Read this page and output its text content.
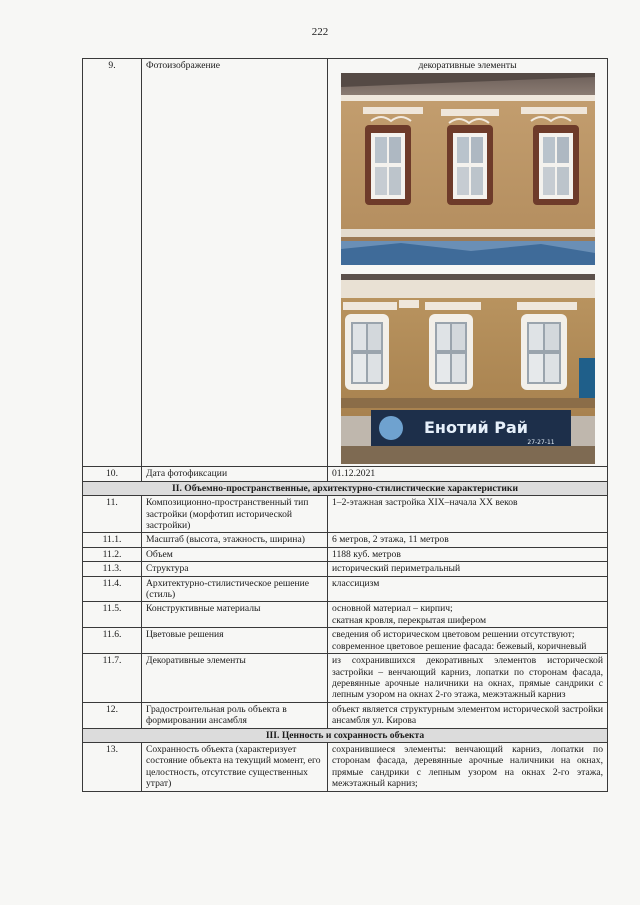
222
9.	Фотоизображение	декоративные элементы
Енотий Рай
27-27-11

10.	Дата фотофиксации	01.12.2021
II. Объемно-пространственные, архитектурно-стилистические характеристики		
11.	Композиционно-пространственный тип застройки (морфотип исторической застройки)	1–2-этажная застройка XIX–начала XX веков
11.1.	Масштаб (высота, этажность, ширина)	6 метров, 2 этажа, 11 метров
11.2.	Объем	1188 куб. метров
11.3.	Структура	исторический периметральный
11.4.	Архитектурно-стилистическое решение (стиль)	классицизм
11.5.	Конструктивные материалы	основной материал – кирпич;
скатная кровля, перекрытая шифером

11.6.	Цветовые решения	сведения об историческом цветовом решении отсутствуют;
современное цветовое решение фасада: бежевый, коричневый

11.7.	Декоративные элементы	из сохранившихся декоративных элементов исторической застройки – венчающий карниз, лопатки по сторонам фасада, деревянные арочные наличники на окнах, прямые сандрики с лепным узором на окнах 2-го этажа, межэтажный карниз
12.	Градостроительная роль объекта в формировании ансамбля	объект является структурным элементом исторической застройки ансамбля ул. Кирова
III. Ценность и сохранность объекта		
13.	Сохранность объекта (характеризует состояние объекта на текущий момент, его целостность, отсутствие существенных утрат)	сохранившиеся элементы: венчающий карниз, лопатки по сторонам фасада, деревянные арочные наличники на окнах, прямые сандрики с лепным узором на окнах 2-го этажа, межэтажный карниз;
